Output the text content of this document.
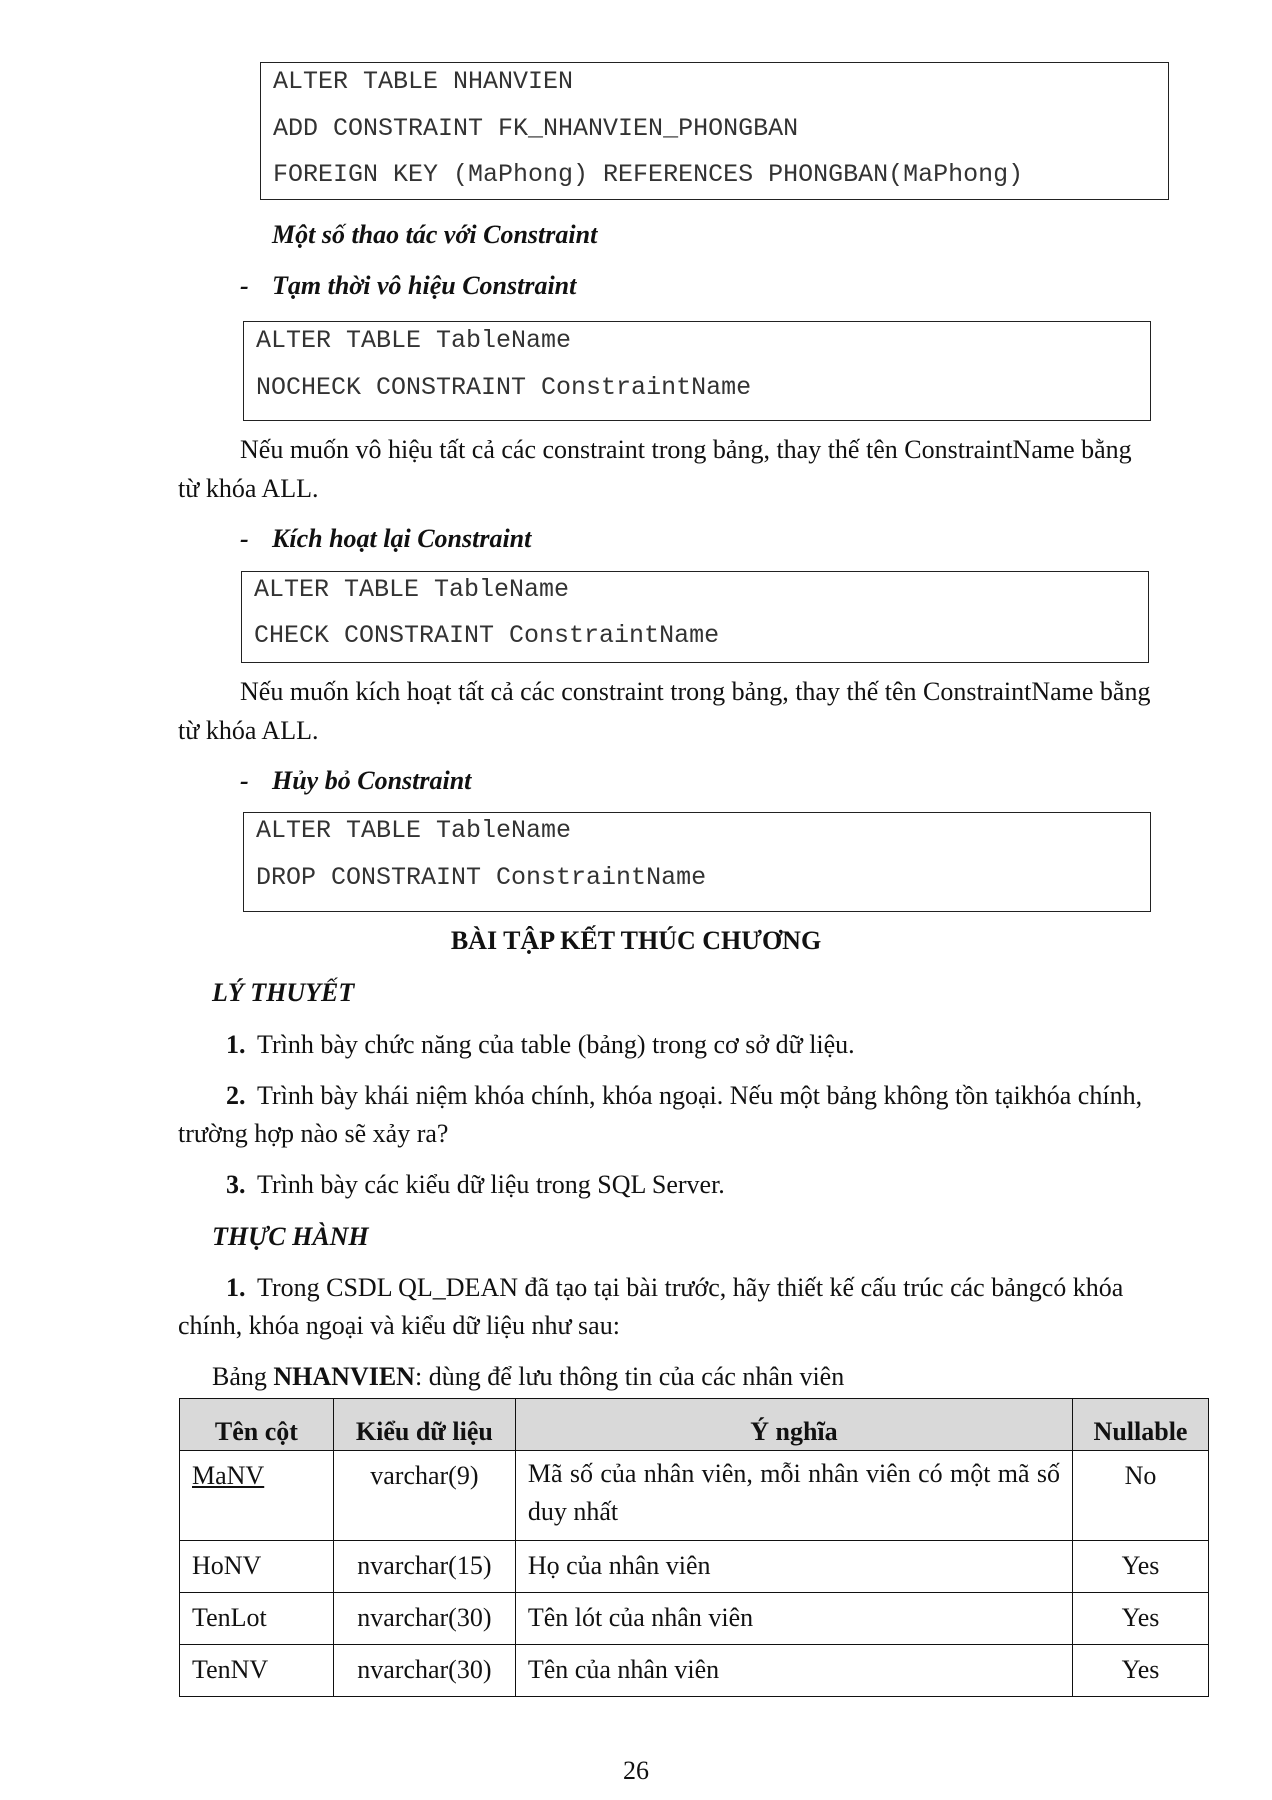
ALTER TABLE NHANVIEN
ADD CONSTRAINT FK_NHANVIEN_PHONGBAN
FOREIGN KEY (MaPhong) REFERENCES PHONGBAN(MaPhong)
Một số thao tác với Constraint
- Tạm thời vô hiệu Constraint
ALTER TABLE TableName
NOCHECK CONSTRAINT ConstraintName
Nếu muốn vô hiệu tất cả các constraint trong bảng, thay thế tên ConstraintName bằng
từ khóa ALL.
- Kích hoạt lại Constraint
ALTER TABLE TableName
CHECK CONSTRAINT ConstraintName
Nếu muốn kích hoạt tất cả các constraint trong bảng, thay thế tên ConstraintName bằng
từ khóa ALL.
- Hủy bỏ Constraint
ALTER TABLE TableName
DROP CONSTRAINT ConstraintName
BÀI TẬP KẾT THÚC CHƯƠNG
LÝ THUYẾT
1. Trình bày chức năng của table (bảng) trong cơ sở dữ liệu.
2. Trình bày khái niệm khóa chính, khóa ngoại. Nếu một bảng không tồn tạikhóa chính,
trường hợp nào sẽ xảy ra?
3. Trình bày các kiểu dữ liệu trong SQL Server.
THỰC HÀNH
1. Trong CSDL QL_DEAN đã tạo tại bài trước, hãy thiết kế cấu trúc các bảngcó khóa
chính, khóa ngoại và kiểu dữ liệu như sau:
Bảng NHANVIEN: dùng để lưu thông tin của các nhân viên
Tên cột	Kiểu dữ liệu	Ý nghĩa	Nullable
MaNV	varchar(9)	Mã số của nhân viên, mỗi nhân viên có một mã số duy nhất	No
HoNV	nvarchar(15)	Họ của nhân viên	Yes
TenLot	nvarchar(30)	Tên lót của nhân viên	Yes
TenNV	nvarchar(30)	Tên của nhân viên	Yes
26
